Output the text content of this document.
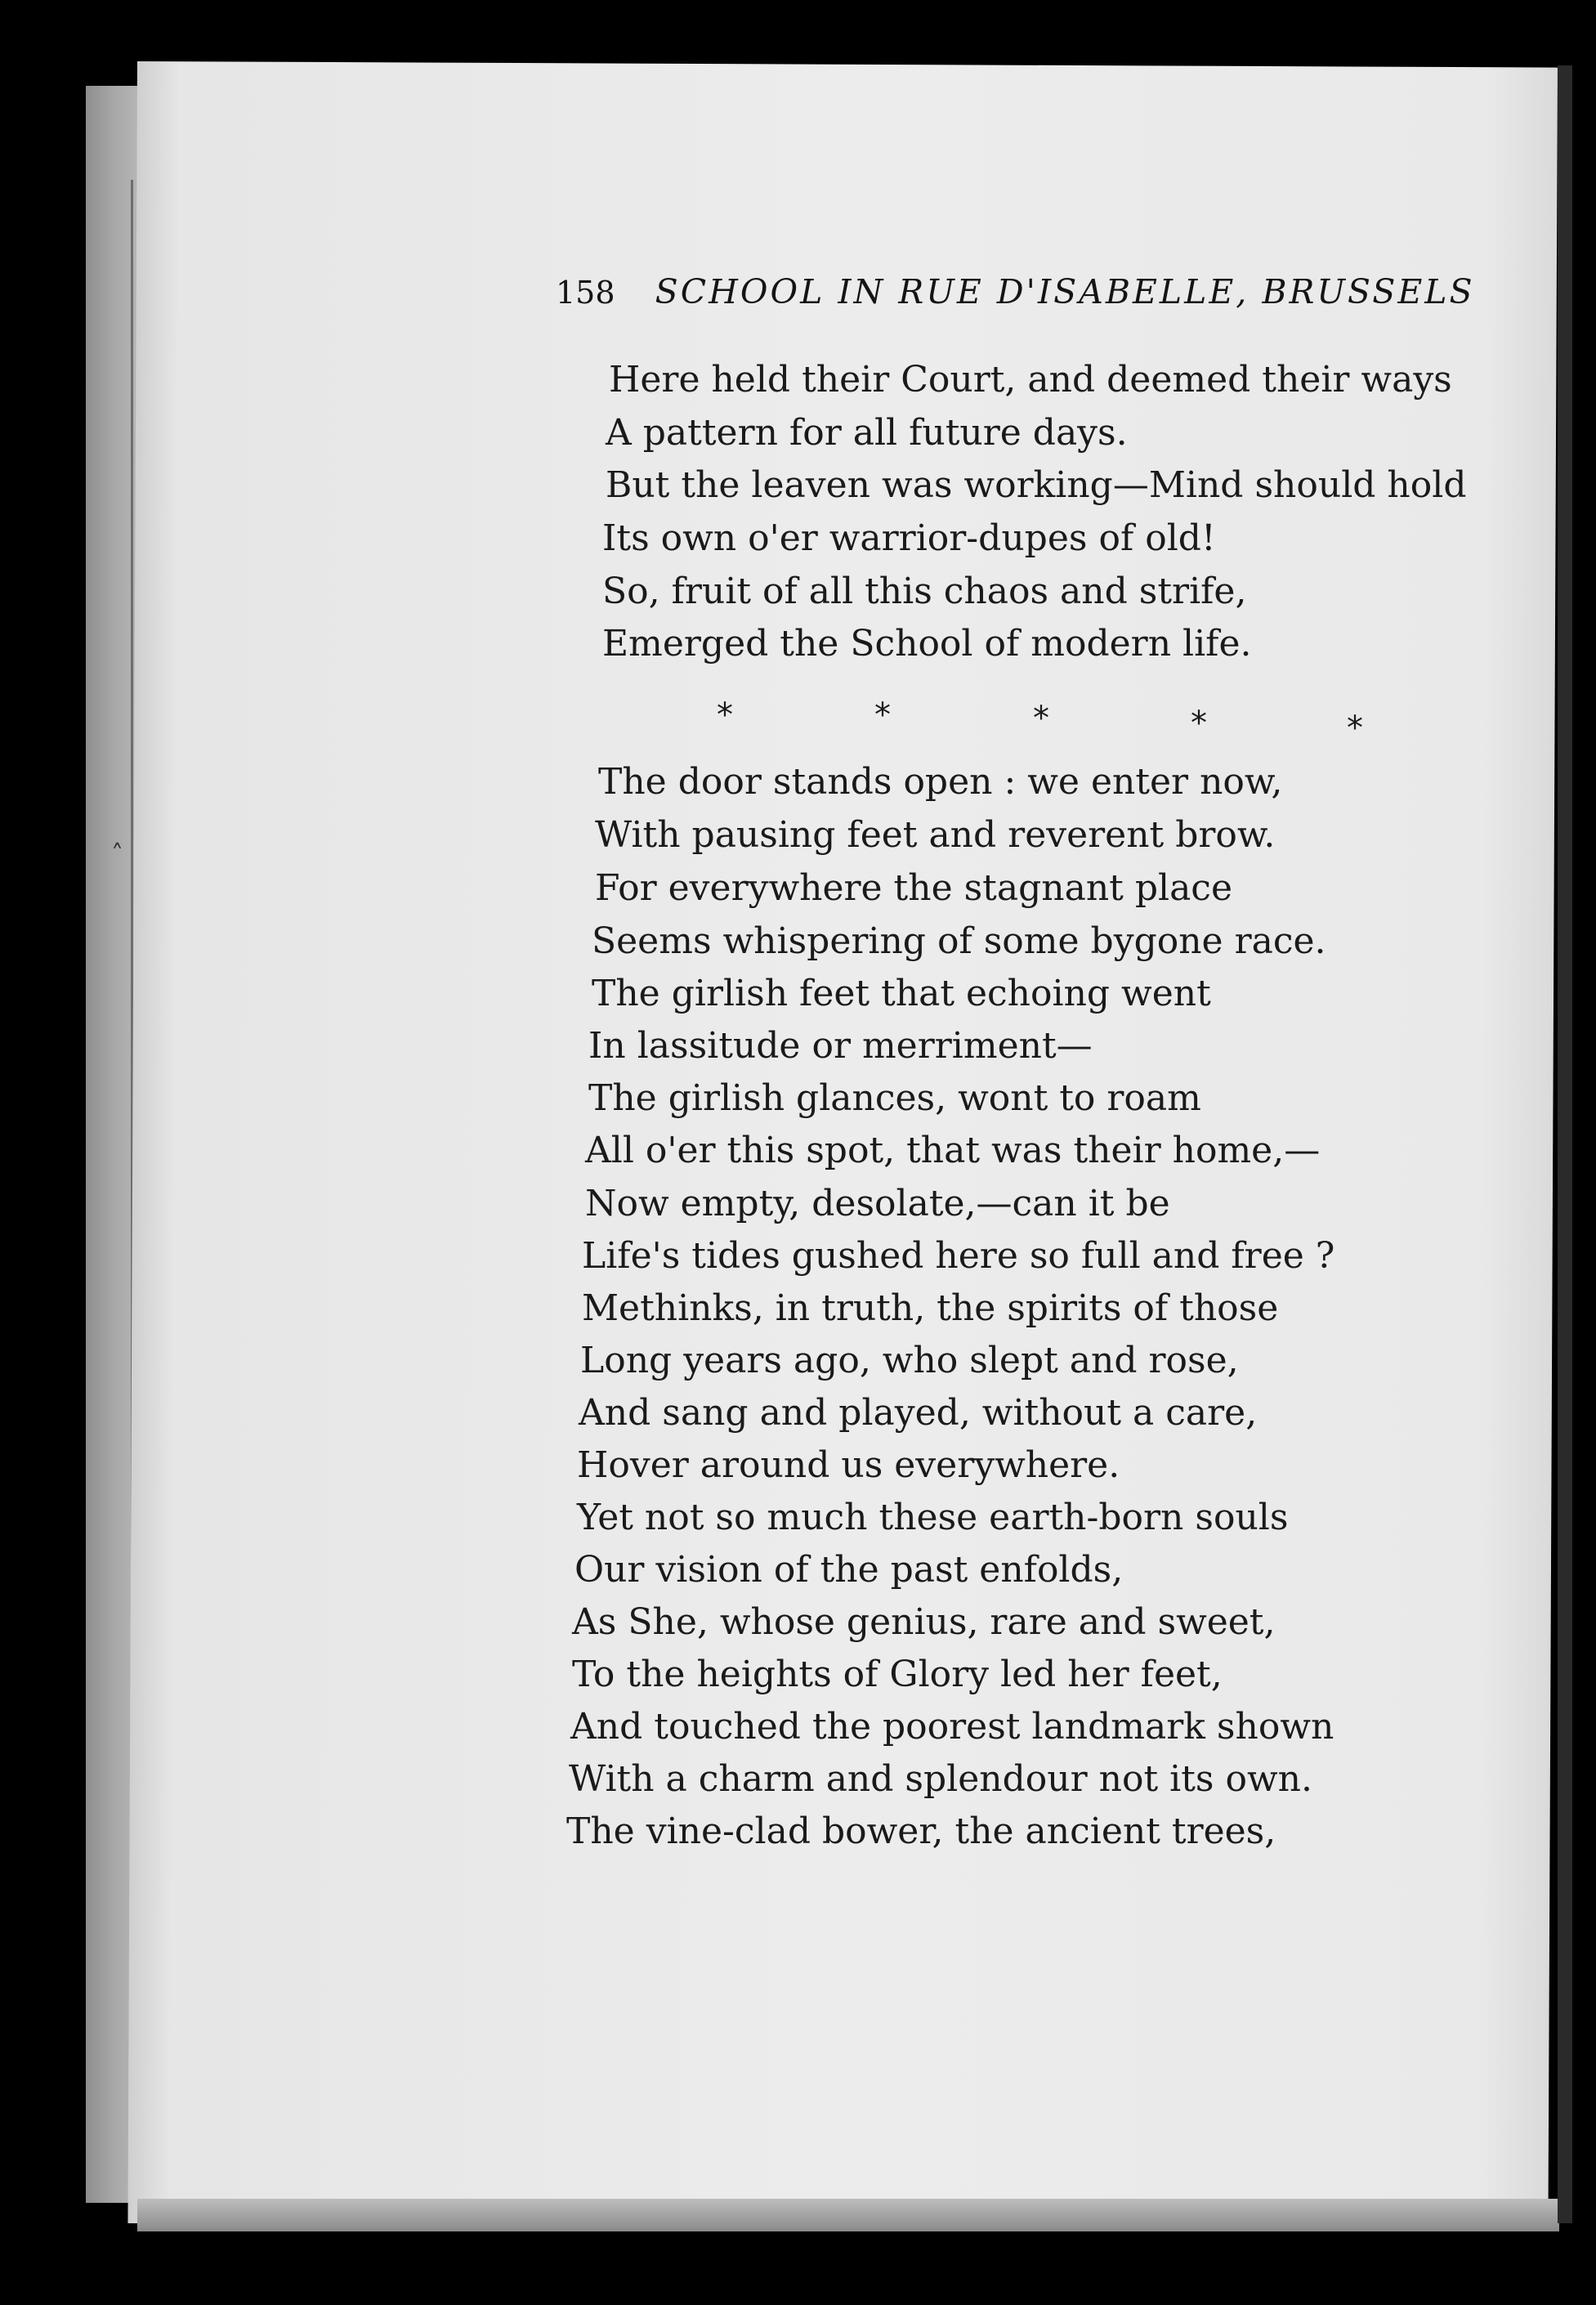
˄
158 SCHOOL IN RUE D'ISABELLE, BRUSSELS
Here held their Court, and deemed their ways
A pattern for all future days.
But the leaven was working—Mind should hold
Its own o'er warrior-dupes of old!
So, fruit of all this chaos and strife,
Emerged the School of modern life.
*	*	*	*	*
The door stands open : we enter now,
With pausing feet and reverent brow.
For everywhere the stagnant place
Seems whispering of some bygone race.
The girlish feet that echoing went
In lassitude or merriment—
The girlish glances, wont to roam
All o'er this spot, that was their home,—
Now empty, desolate,—can it be
Life's tides gushed here so full and free ?
Methinks, in truth, the spirits of those
Long years ago, who slept and rose,
And sang and played, without a care,
Hover around us everywhere.
Yet not so much these earth-born souls
Our vision of the past enfolds,
As She, whose genius, rare and sweet,
To the heights of Glory led her feet,
And touched the poorest landmark shown
With a charm and splendour not its own.
The vine-clad bower, the ancient trees,
